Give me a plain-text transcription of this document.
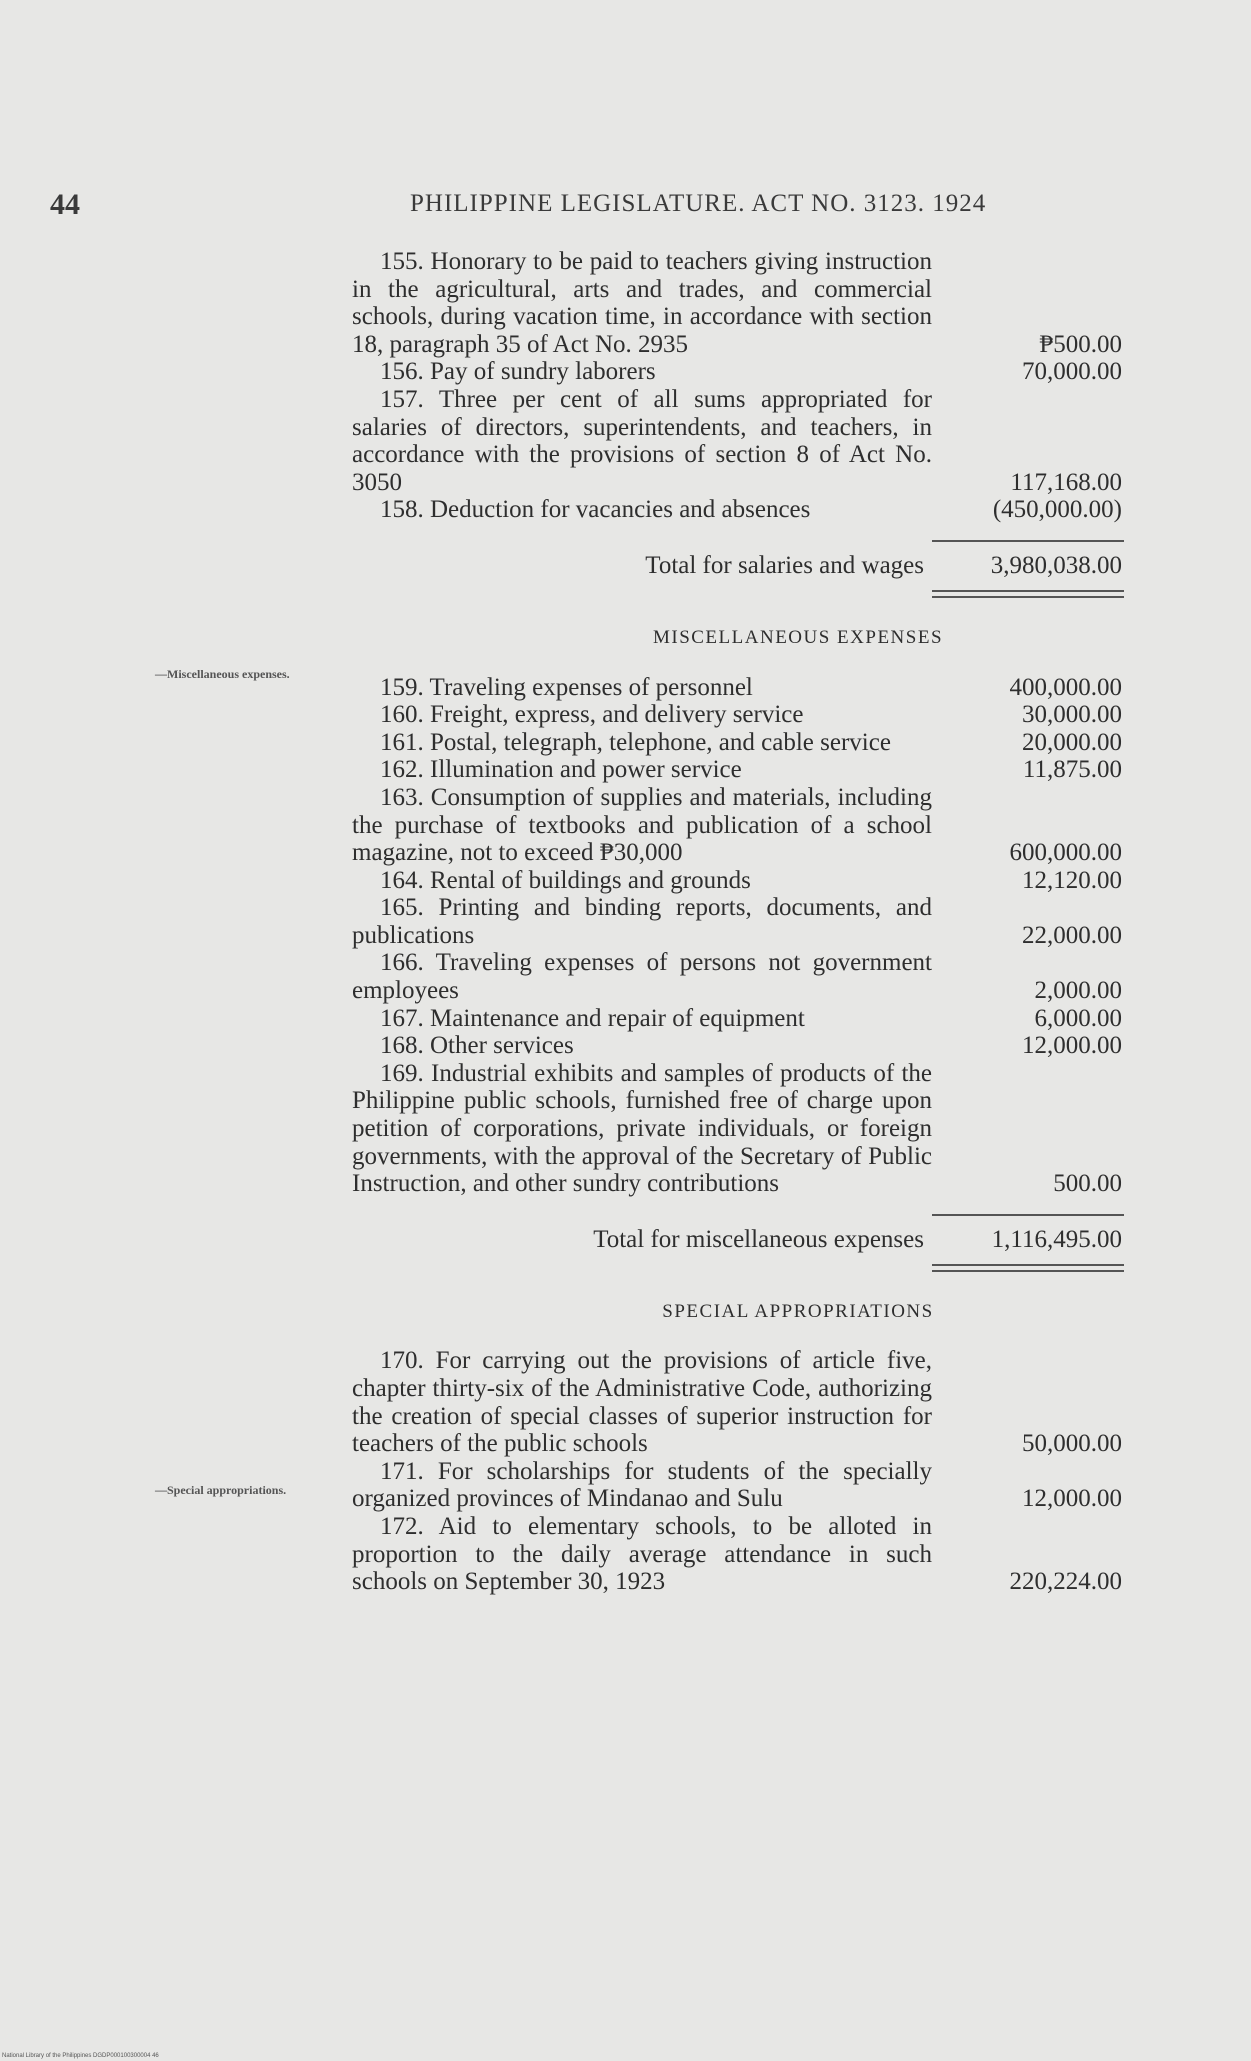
44	PHILIPPINE LEGISLATURE. ACT NO. 3123. 1924
—Miscellaneous expenses.
—Special appropriations.
155. Honorary to be paid to teachers giving instruction in the agricultural, arts and trades, and commercial schools, during vacation time, in accordance with section 18, paragraph 35 of Act No. 2935	₱500.00
156. Pay of sundry laborers	70,000.00
157. Three per cent of all sums appropriated for salaries of directors, superintendents, and teachers, in accordance with the provisions of section 8 of Act No. 3050	117,168.00
158. Deduction for vacancies and absences	(450,000.00)
Total for salaries and wages	3,980,038.00
MISCELLANEOUS EXPENSES
159. Traveling expenses of personnel	400,000.00
160. Freight, express, and delivery service	30,000.00
161. Postal, telegraph, telephone, and cable service	20,000.00
162. Illumination and power service	11,875.00
163. Consumption of supplies and materials, including the purchase of textbooks and publication of a school magazine, not to exceed ₱30,000	600,000.00
164. Rental of buildings and grounds	12,120.00
165. Printing and binding reports, documents, and publications	22,000.00
166. Traveling expenses of persons not government employees	2,000.00
167. Maintenance and repair of equipment	6,000.00
168. Other services	12,000.00
169. Industrial exhibits and samples of products of the Philippine public schools, furnished free of charge upon petition of corporations, private individuals, or foreign governments, with the approval of the Secretary of Public Instruction, and other sundry contributions	500.00
Total for miscellaneous expenses	1,116,495.00
SPECIAL APPROPRIATIONS
170. For carrying out the provisions of article five, chapter thirty-six of the Administrative Code, authorizing the creation of special classes of superior instruction for teachers of the public schools	50,000.00
171. For scholarships for students of the specially organized provinces of Mindanao and Sulu	12,000.00
172. Aid to elementary schools, to be alloted in proportion to the daily average attendance in such schools on September 30, 1923	220,224.00
National Library of the Philippines DGDP000100300004 46
